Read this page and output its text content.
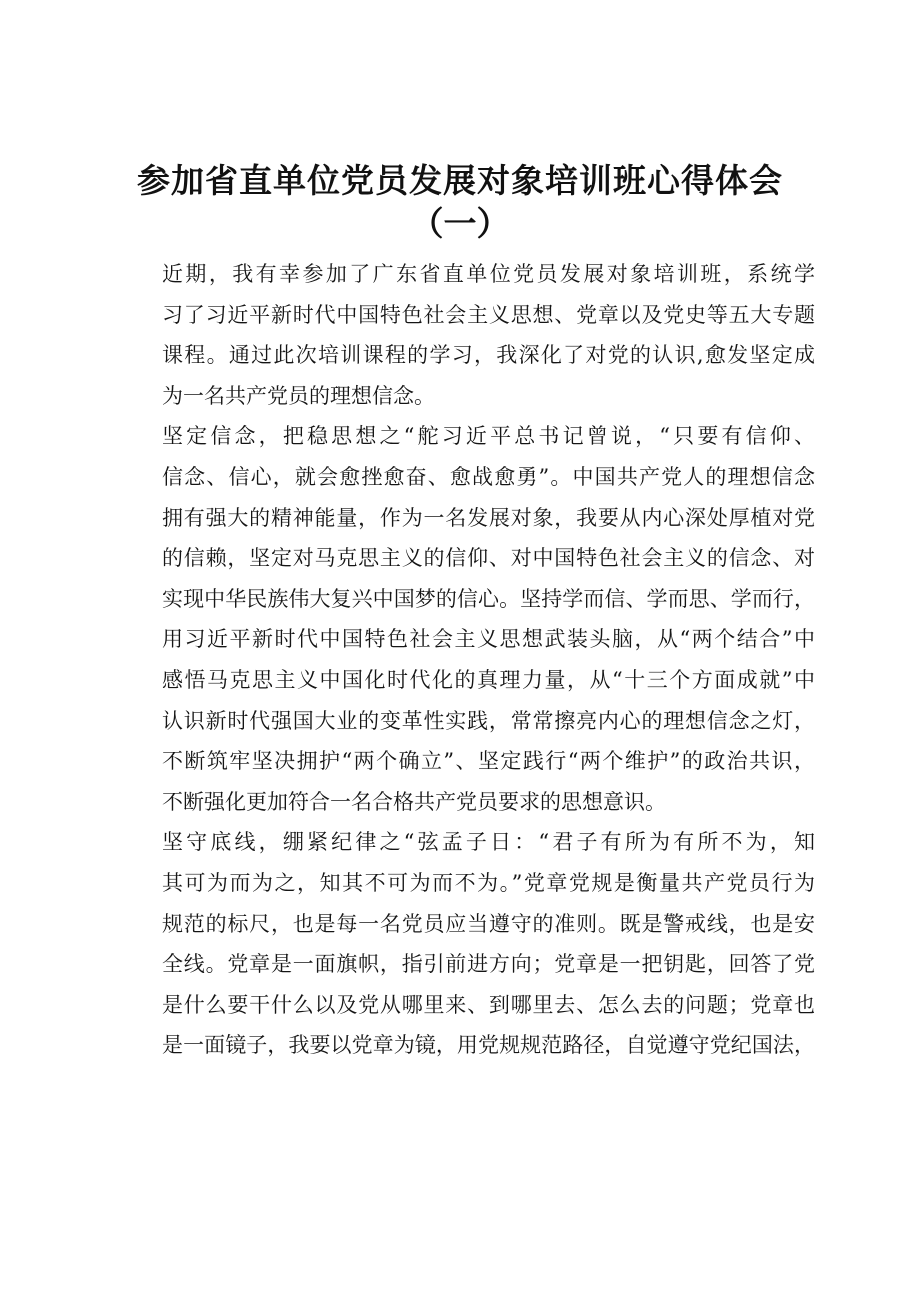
参加省直单位党员发展对象培训班心得体会
（一）

近期，我有幸参加了广东省直单位党员发展对象培训班，系统学
习了习近平新时代中国特色社会主义思想、党章以及党史等五大专题
课程。通过此次培训课程的学习，我深化了对党的认识,愈发坚定成
为一名共产党员的理想信念。

坚定信念，把稳思想之“舵习近平总书记曾说，“只要有信仰、
信念、信心，就会愈挫愈奋、愈战愈勇”。中国共产党人的理想信念
拥有强大的精神能量，作为一名发展对象，我要从内心深处厚植对党
的信赖，坚定对马克思主义的信仰、对中国特色社会主义的信念、对
实现中华民族伟大复兴中国梦的信心。坚持学而信、学而思、学而行，
用习近平新时代中国特色社会主义思想武装头脑，从“两个结合”中
感悟马克思主义中国化时代化的真理力量，从“十三个方面成就”中
认识新时代强国大业的变革性实践，常常擦亮内心的理想信念之灯，
不断筑牢坚决拥护“两个确立”、坚定践行“两个维护”的政治共识，
不断强化更加符合一名合格共产党员要求的思想意识。

坚守底线，绷紧纪律之“弦孟子日：“君子有所为有所不为，知
其可为而为之，知其不可为而不为。”党章党规是衡量共产党员行为
规范的标尺，也是每一名党员应当遵守的准则。既是警戒线，也是安
全线。党章是一面旗帜，指引前进方向；党章是一把钥匙，回答了党
是什么要干什么以及党从哪里来、到哪里去、怎么去的问题；党章也
是一面镜子，我要以党章为镜，用党规规范路径，自觉遵守党纪国法，
